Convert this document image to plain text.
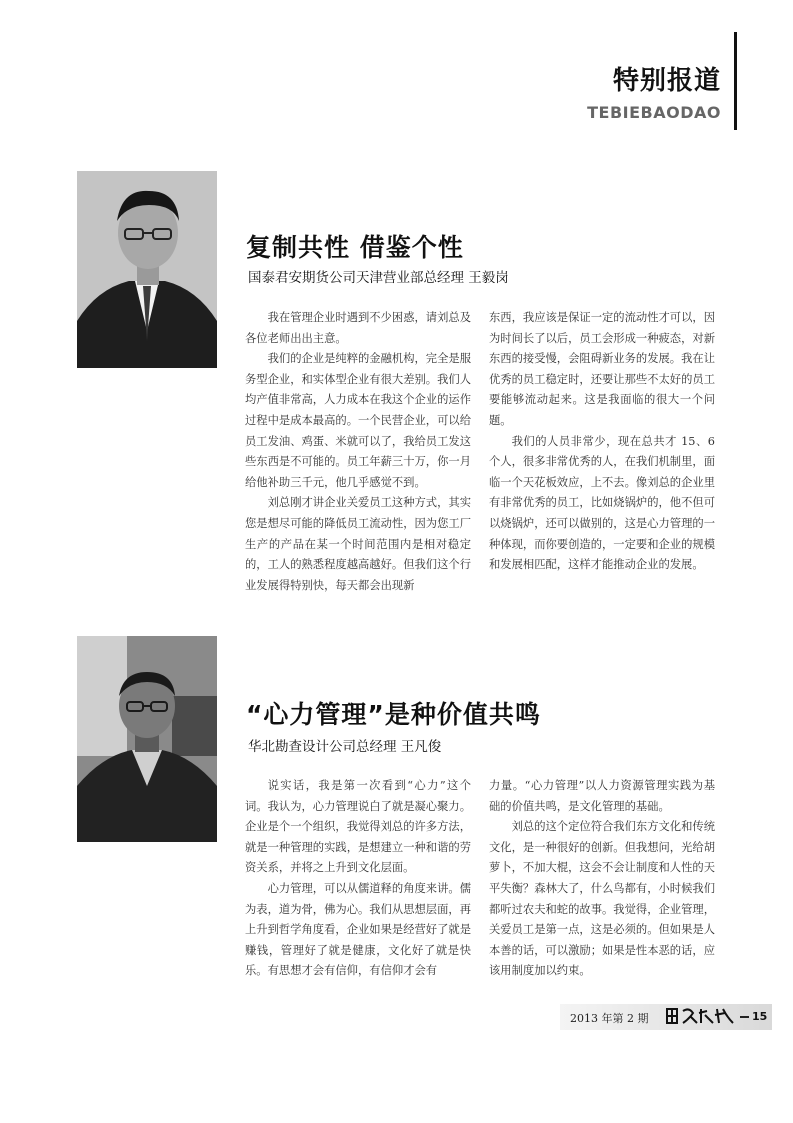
特别报道
TEBIEBAODAO
复制共性 借鉴个性
国泰君安期货公司天津营业部总经理 王毅岗

我在管理企业时遇到不少困惑，请刘总及各位老师出出主意。

我们的企业是纯粹的金融机构，完全是服务型企业，和实体型企业有很大差别。我们人均产值非常高，人力成本在我这个企业的运作过程中是成本最高的。一个民营企业，可以给员工发油、鸡蛋、米就可以了，我给员工发这些东西是不可能的。员工年薪三十万，你一月给他补助三千元，他几乎感觉不到。

刘总刚才讲企业关爱员工这种方式，其实您是想尽可能的降低员工流动性，因为您工厂生产的产品在某一个时间范围内是相对稳定的，工人的熟悉程度越高越好。但我们这个行业发展得特别快，每天都会出现新

东西，我应该是保证一定的流动性才可以，因为时间长了以后，员工会形成一种疲态，对新东西的接受慢，会阻碍新业务的发展。我在让优秀的员工稳定时，还要让那些不太好的员工要能够流动起来。这是我面临的很大一个问题。

我们的人员非常少，现在总共才 15、6 个人，很多非常优秀的人，在我们机制里，面临一个天花板效应，上不去。像刘总的企业里有非常优秀的员工，比如烧锅炉的，他不但可以烧锅炉，还可以做别的，这是心力管理的一种体现，而你要创造的，一定要和企业的规模和发展相匹配，这样才能推动企业的发展。

“心力管理”是种价值共鸣
华北勘查设计公司总经理 王凡俊

说实话，我是第一次看到“心力”这个词。我认为，心力管理说白了就是凝心聚力。企业是个一个组织，我觉得刘总的许多方法，就是一种管理的实践，是想建立一种和谐的劳资关系，并将之上升到文化层面。

心力管理，可以从儒道释的角度来讲。儒为表，道为骨，佛为心。我们从思想层面，再上升到哲学角度看，企业如果是经营好了就是赚钱，管理好了就是健康，文化好了就是快乐。有思想才会有信仰，有信仰才会有

力量。“心力管理”以人力资源管理实践为基础的价值共鸣，是文化管理的基础。

刘总的这个定位符合我们东方文化和传统文化，是一种很好的创新。但我想问，光给胡萝卜，不加大棍，这会不会让制度和人性的天平失衡？森林大了，什么鸟都有，小时候我们都听过农夫和蛇的故事。我觉得，企业管理，关爱员工是第一点，这是必须的。但如果是人本善的话，可以激励；如果是性本恶的话，应该用制度加以约束。

2013 年第 2 期	15
